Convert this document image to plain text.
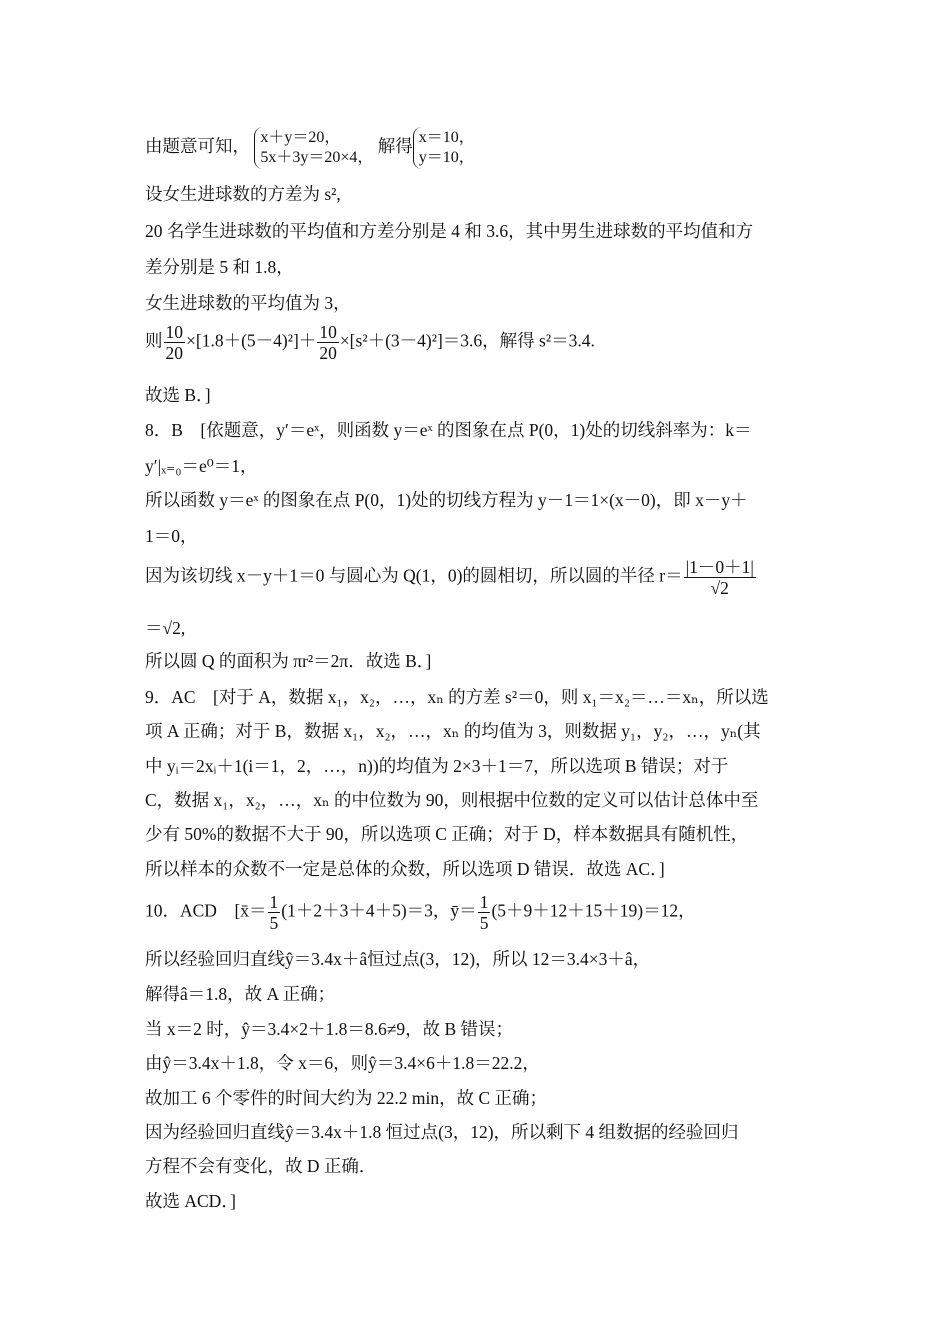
由题意可知， x＋y＝20，
5x＋3y＝20×4，
解得 x＝10，
y＝10，
设女生进球数的方差为 s²,
20 名学生进球数的平均值和方差分别是 4 和 3.6，其中男生进球数的平均值和方
差分别是 5 和 1.8，
女生进球数的平均值为 3，
则 $\frac{10}{20} \times[1.8+(5-4)^2]+ \frac{10}{20} \times[s^2+(3-4)^2]=3.6$，解得 s²＝3.4.
故选 B．]
8．B　[依题意，y′＝eˣ，则函数 y＝eˣ 的图象在点 P(0，1)处的切线斜率为：k＝
y′|ₓ₌₀＝e⁰＝1，
所以函数 y＝eˣ 的图象在点 P(0，1)处的切线方程为 y－1＝1×(x－0)，即 x－y＋
1＝0，
因为该切线 x－y＋1＝0 与圆心为 Q(1，0)的圆相切，所以圆的半径 $r= \frac{|1-0+1|}{√2}$
＝√2,
所以圆 Q 的面积为 πr²＝2π．故选 B．]
9．AC　[对于 A，数据 x₁，x₂，…，xₙ 的方差 s²＝0，则 x₁＝x₂＝…＝xₙ，所以选
项 A 正确；对于 B，数据 x₁，x₂，…，xₙ 的均值为 3，则数据 y₁，y₂，…，yₙ(其
中 yᵢ＝2xᵢ＋1(i＝1，2，…，n))的均值为 2×3＋1＝7，所以选项 B 错误；对于
C，数据 x₁，x₂，…，xₙ 的中位数为 90，则根据中位数的定义可以估计总体中至
少有 50%的数据不大于 90，所以选项 C 正确；对于 D，样本数据具有随机性，
所以样本的众数不一定是总体的众数，所以选项 D 错误．故选 AC．]
10．ACD　[x̄＝ $\frac{1}{5} (1+2+3+4+5)=3$，ȳ＝ $\frac{1}{5} (5+9+12+15+19)=12$，
所以经验回归直线ŷ＝3.4x＋â恒过点(3，12)，所以 12＝3.4×3＋â，
解得â＝1.8，故 A 正确；
当 x＝2 时，ŷ＝3.4×2＋1.8＝8.6≠9，故 B 错误；
由ŷ＝3.4x＋1.8，令 x＝6，则ŷ＝3.4×6＋1.8＝22.2，
故加工 6 个零件的时间大约为 22.2 min，故 C 正确；
因为经验回归直线ŷ＝3.4x＋1.8 恒过点(3，12)，所以剩下 4 组数据的经验回归
方程不会有变化，故 D 正确．
故选 ACD．]
